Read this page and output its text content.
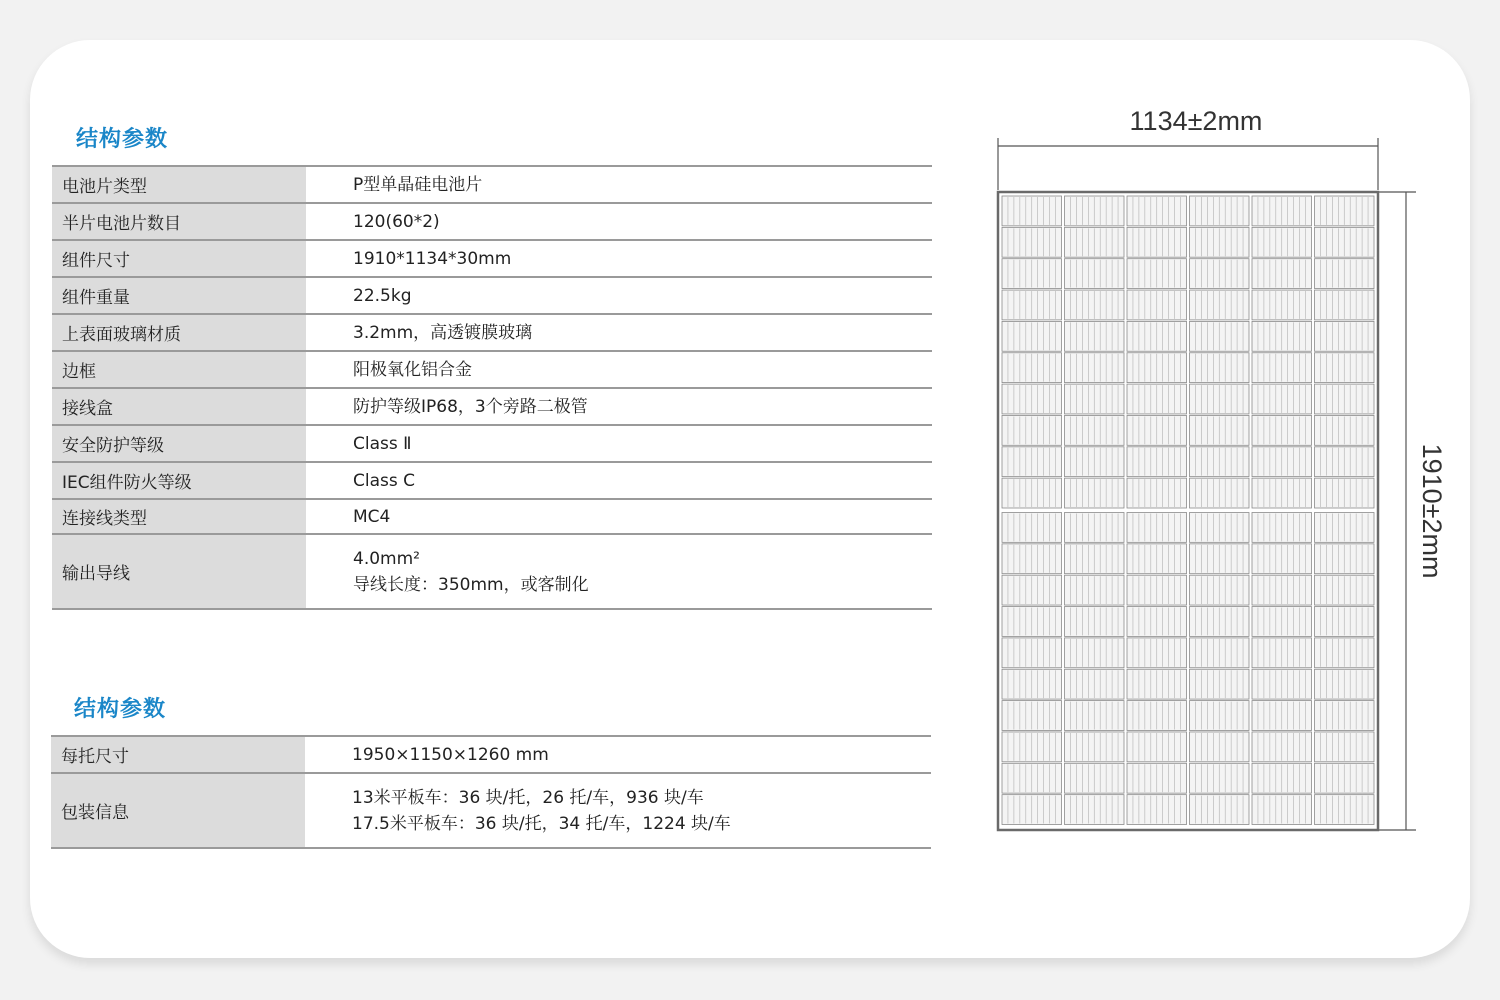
结构参数
电池片类型	P型单晶硅电池片

半片电池片数目	120(60*2)

组件尺寸	1910*1134*30mm

组件重量	22.5kg

上表面玻璃材质	3.2mm，高透镀膜玻璃

边框	阳极氧化铝合金

接线盒	防护等级IP68，3个旁路二极管

安全防护等级	Class Ⅱ

IEC组件防火等级	Class C

连接线类型	MC4

输出导线	4.0mm²
导线长度：350mm，或客制化
结构参数
每托尺寸	1950×1150×1260 mm

包装信息	13米平板车：36 块/托，26 托/车，936 块/车
17.5米平板车：36 块/托，34 托/车，1224 块/车
1134±2mm
1910±2mm
